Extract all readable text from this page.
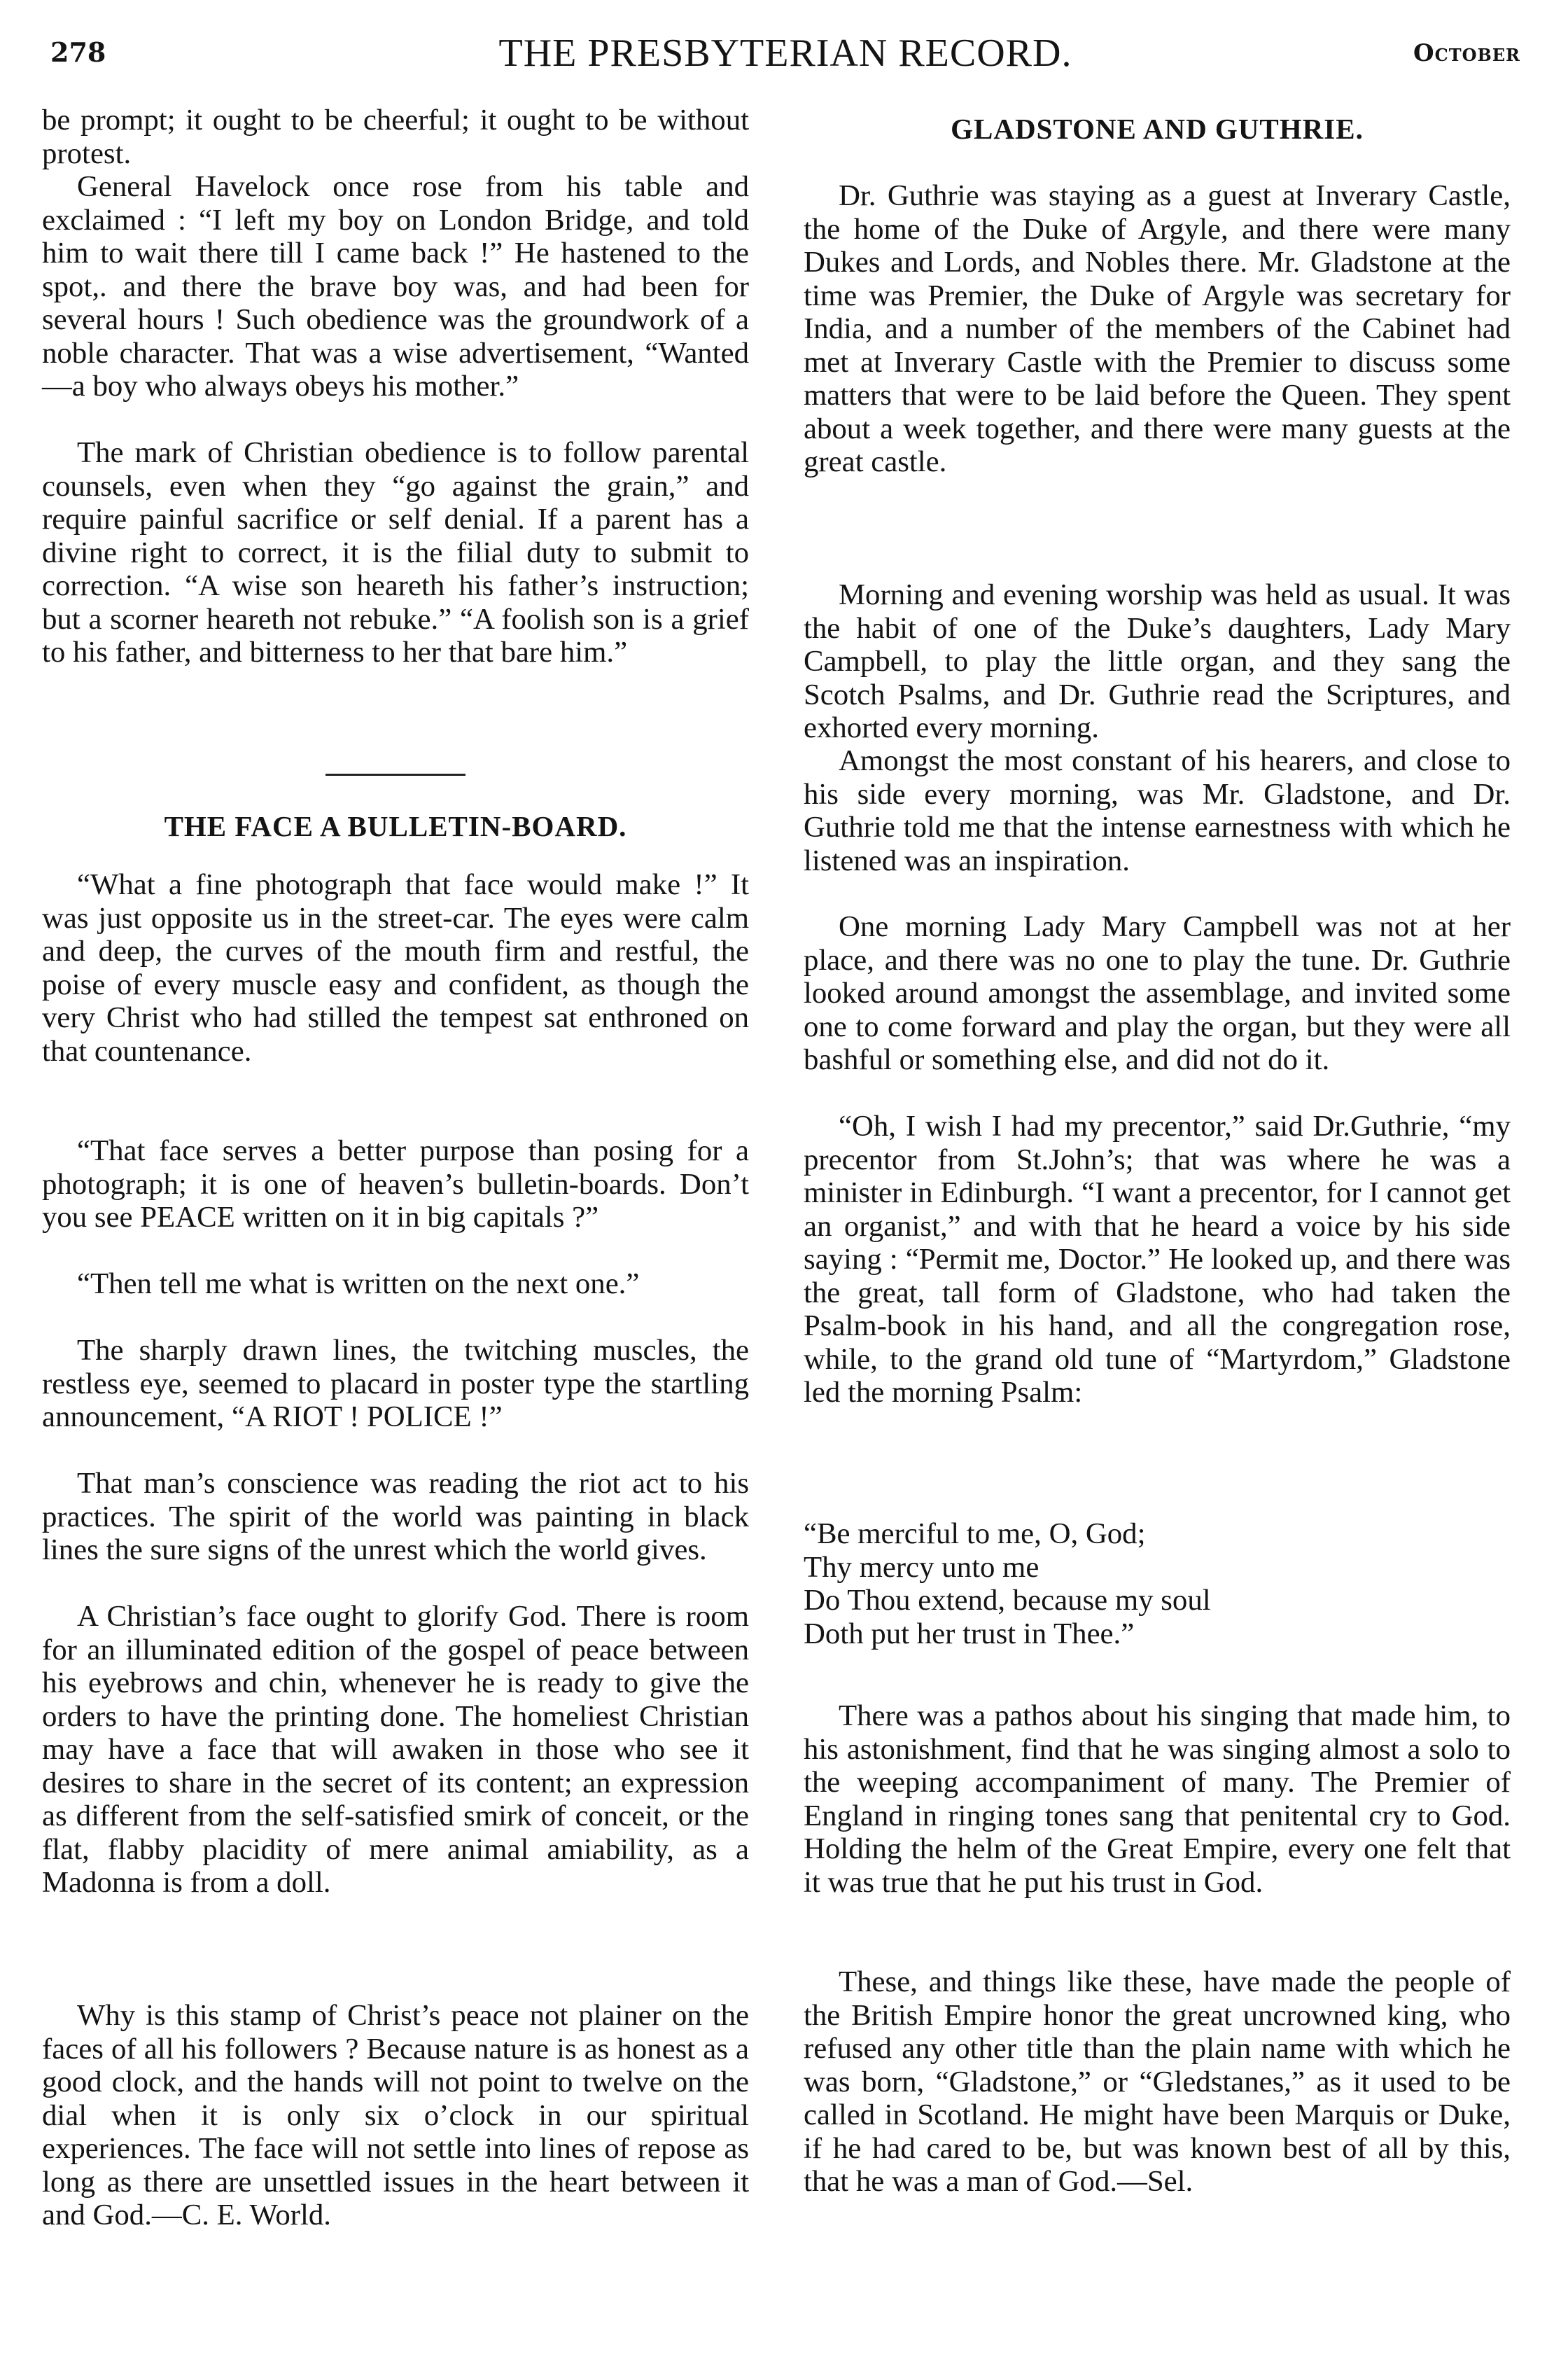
278	THE PRESBYTERIAN RECORD.	October

be prompt; it ought to be cheerful; it ought to be without protest.

General Havelock once rose from his table and exclaimed : “I left my boy on London Bridge, and told him to wait there till I came back !” He hastened to the spot,. and there the brave boy was, and had been for several hours ! Such obedience was the groundwork of a noble character. That was a wise advertisement, “Wanted —a boy who always obeys his mother.”

The mark of Christian obedience is to follow parental counsels, even when they “go against the grain,” and require painful sacrifice or self denial. If a parent has a divine right to correct, it is the filial duty to submit to correction. “A wise son heareth his father’s instruction; but a scorner heareth not rebuke.” “A foolish son is a grief to his father, and bitterness to her that bare him.”

THE FACE A BULLETIN-BOARD.

“What a fine photograph that face would make !” It was just opposite us in the street-car. The eyes were calm and deep, the curves of the mouth firm and restful, the poise of every muscle easy and confident, as though the very Christ who had stilled the tempest sat enthroned on that countenance.

“That face serves a better purpose than posing for a photograph; it is one of heaven’s bulletin-boards. Don’t you see PEACE written on it in big capitals ?”

“Then tell me what is written on the next one.”

The sharply drawn lines, the twitching muscles, the restless eye, seemed to placard in poster type the startling announcement, “A RIOT ! POLICE !”

That man’s conscience was reading the riot act to his practices. The spirit of the world was painting in black lines the sure signs of the unrest which the world gives.

A Christian’s face ought to glorify God. There is room for an illuminated edition of the gospel of peace between his eyebrows and chin, whenever he is ready to give the orders to have the printing done. The homeliest Christian may have a face that will awaken in those who see it desires to share in the secret of its content; an expression as different from the self-satisfied smirk of conceit, or the flat, flabby placidity of mere animal amiability, as a Madonna is from a doll.

Why is this stamp of Christ’s peace not plainer on the faces of all his followers ? Because nature is as honest as a good clock, and the hands will not point to twelve on the dial when it is only six o’clock in our spiritual experiences. The face will not settle into lines of repose as long as there are unsettled issues in the heart between it and God.—C. E. World.

GLADSTONE AND GUTHRIE.

Dr. Guthrie was staying as a guest at Inverary Castle, the home of the Duke of Argyle, and there were many Dukes and Lords, and Nobles there. Mr. Gladstone at the time was Premier, the Duke of Argyle was secretary for India, and a number of the members of the Cabinet had met at Inverary Castle with the Premier to discuss some matters that were to be laid before the Queen. They spent about a week together, and there were many guests at the great castle.

Morning and evening worship was held as usual. It was the habit of one of the Duke’s daughters, Lady Mary Campbell, to play the little organ, and they sang the Scotch Psalms, and Dr. Guthrie read the Scriptures, and exhorted every morning.

Amongst the most constant of his hearers, and close to his side every morning, was Mr. Gladstone, and Dr. Guthrie told me that the intense earnestness with which he listened was an inspiration.

One morning Lady Mary Campbell was not at her place, and there was no one to play the tune. Dr. Guthrie looked around amongst the assemblage, and invited some one to come forward and play the organ, but they were all bashful or something else, and did not do it.

“Oh, I wish I had my precentor,” said Dr.Guthrie, “my precentor from St.John’s; that was where he was a minister in Edinburgh. “I want a precentor, for I cannot get an organist,” and with that he heard a voice by his side saying : “Permit me, Doctor.” He looked up, and there was the great, tall form of Gladstone, who had taken the Psalm-book in his hand, and all the congregation rose, while, to the grand old tune of “Martyrdom,” Gladstone led the morning Psalm:

“Be merciful to me, O, God;
Thy mercy unto me
Do Thou extend, because my soul
Doth put her trust in Thee.”

There was a pathos about his singing that made him, to his astonishment, find that he was singing almost a solo to the weeping accompaniment of many. The Premier of England in ringing tones sang that penitental cry to God. Holding the helm of the Great Empire, every one felt that it was true that he put his trust in God.

These, and things like these, have made the people of the British Empire honor the great uncrowned king, who refused any other title than the plain name with which he was born, “Gladstone,” or “Gledstanes,” as it used to be called in Scotland. He might have been Marquis or Duke, if he had cared to be, but was known best of all by this, that he was a man of God.—Sel.
